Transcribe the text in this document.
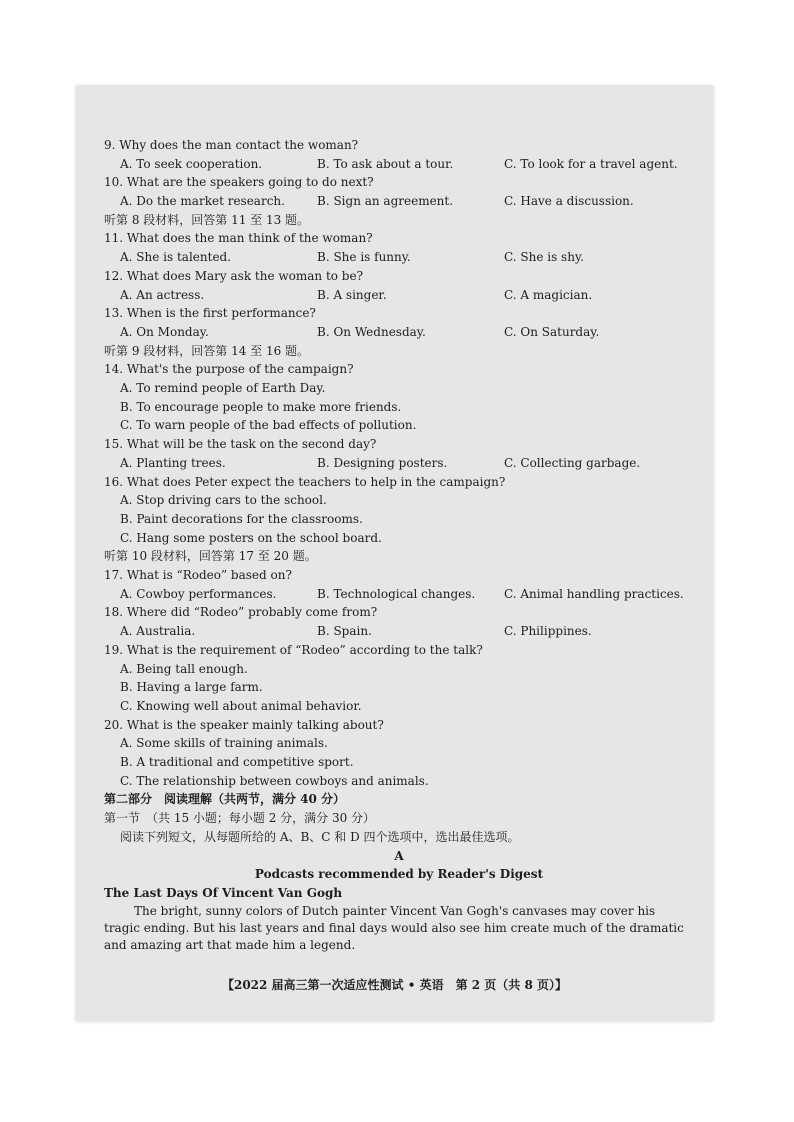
9. Why does the man contact the woman?
A. To seek cooperation.	B. To ask about a tour.	C. To look for a travel agent.
10. What are the speakers going to do next?
A. Do the market research.	B. Sign an agreement.	C. Have a discussion.
听第 8 段材料，回答第 11 至 13 题。
11. What does the man think of the woman?
A. She is talented.	B. She is funny.	C. She is shy.
12. What does Mary ask the woman to be?
A. An actress.	B. A singer.	C. A magician.
13. When is the first performance?
A. On Monday.	B. On Wednesday.	C. On Saturday.
听第 9 段材料，回答第 14 至 16 题。
14. What's the purpose of the campaign?
A. To remind people of Earth Day.
B. To encourage people to make more friends.
C. To warn people of the bad effects of pollution.
15. What will be the task on the second day?
A. Planting trees.	B. Designing posters.	C. Collecting garbage.
16. What does Peter expect the teachers to help in the campaign?
A. Stop driving cars to the school.
B. Paint decorations for the classrooms.
C. Hang some posters on the school board.
听第 10 段材料，回答第 17 至 20 题。
17. What is “Rodeo” based on?
A. Cowboy performances.	B. Technological changes. C. Animal handling practices.
18. Where did “Rodeo” probably come from?
A. Australia.	B. Spain.	C. Philippines.
19. What is the requirement of “Rodeo” according to the talk?
A. Being tall enough.
B. Having a large farm.
C. Knowing well about animal behavior.
20. What is the speaker mainly talking about?
A. Some skills of training animals.
B. A traditional and competitive sport.
C. The relationship between cowboys and animals.
第二部分　阅读理解（共两节，满分 40 分）
第一节　（共 15 小题；每小题 2 分，满分 30 分）
阅读下列短文，从每题所给的 A、B、C 和 D 四个选项中，选出最佳选项。
A
Podcasts recommended by Reader's Digest
The Last Days Of Vincent Van Gogh
The bright, sunny colors of Dutch painter Vincent Van Gogh's canvases may cover his tragic ending. But his last years and final days would also see him create much of the dramatic and amazing art that made him a legend.
【2022 届高三第一次适应性测试 • 英语　第 2 页（共 8 页）】
